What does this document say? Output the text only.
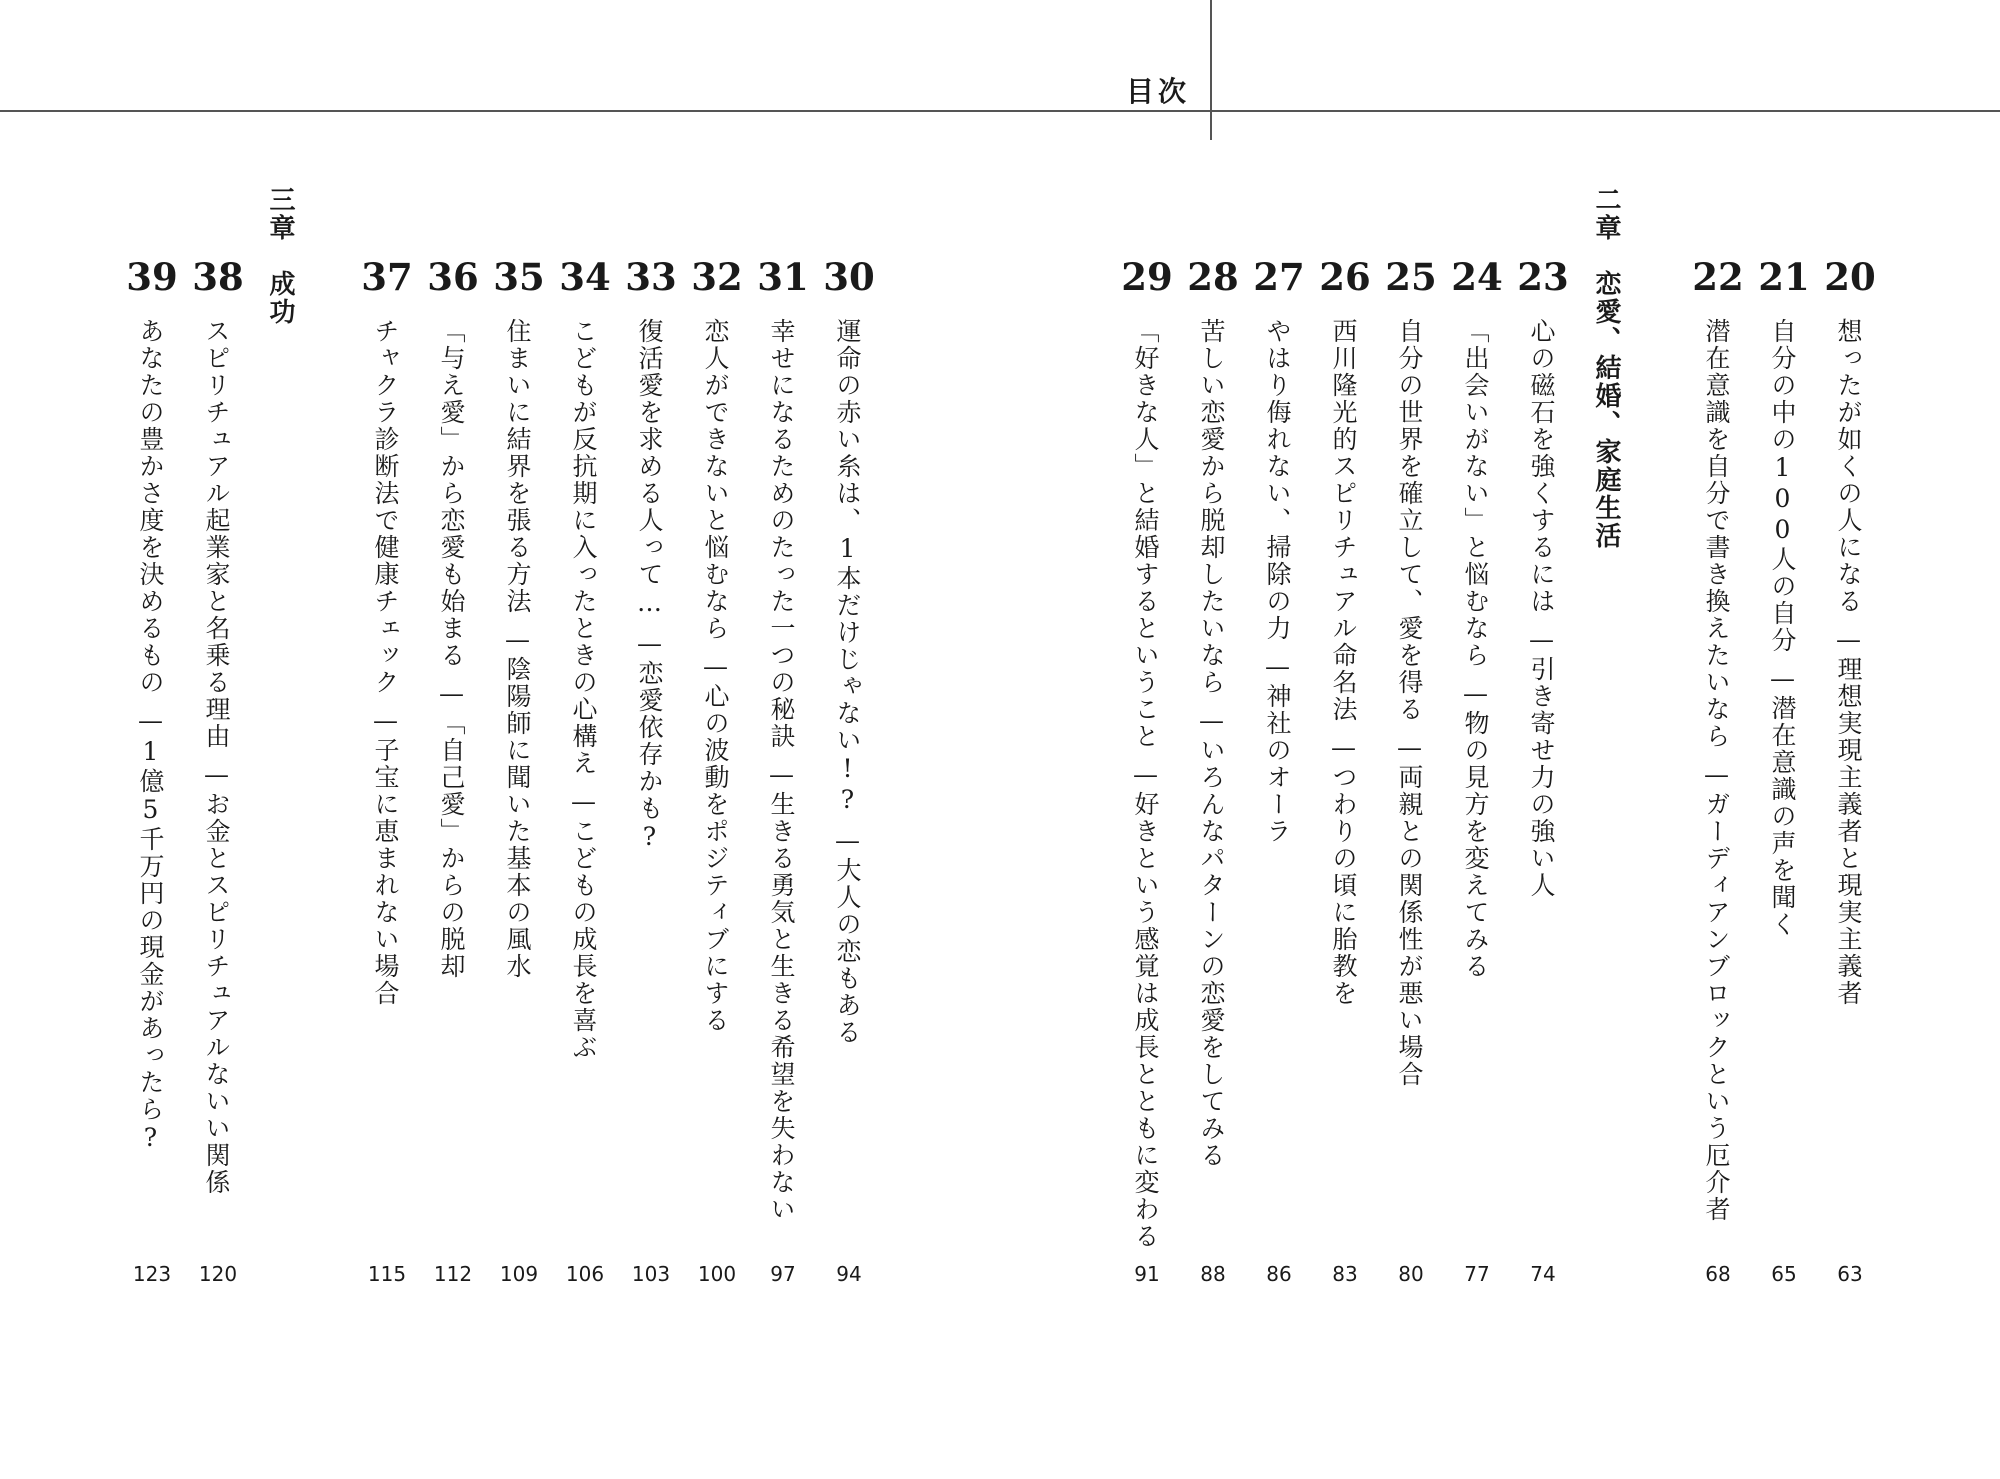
目次
二章恋愛、結婚、家庭生活
三章成功	20
想ったが如くの人になる—理想実現主義者と現実主義者
63
21
自分の中の100人の自分—潜在意識の声を聞く
65
22
潜在意識を自分で書き換えたいなら—ガーディアンブロックという厄介者
68
23
心の磁石を強くするには—引き寄せ力の強い人
74
24
「出会いがない」と悩むなら—物の見方を変えてみる
77
25
自分の世界を確立して、愛を得る—両親との関係性が悪い場合
80
26
西川隆光的スピリチュアル命名法—つわりの頃に胎教を
83
27
やはり侮れない、掃除の力—神社のオーラ
86
28
苦しい恋愛から脱却したいなら—いろんなパターンの恋愛をしてみる
88
29
「好きな人」と結婚するということ—好きという感覚は成長とともに変わる
91
30
運命の赤い糸は、1本だけじゃない!?—大人の恋もある
94
31
幸せになるためのたった一つの秘訣—生きる勇気と生きる希望を失わない
97
32
恋人ができないと悩むなら—心の波動をポジティブにする
100
33
復活愛を求める人って…—恋愛依存かも?
103
34
こどもが反抗期に入ったときの心構え—こどもの成長を喜ぶ
106
35
住まいに結界を張る方法—陰陽師に聞いた基本の風水
109
36
「与え愛」から恋愛も始まる—「自己愛」からの脱却
112
37
チャクラ診断法で健康チェック—子宝に恵まれない場合
115
38
スピリチュアル起業家と名乗る理由—お金とスピリチュアルないい関係
120
39
あなたの豊かさ度を決めるもの—1億5千万円の現金があったら?
123
